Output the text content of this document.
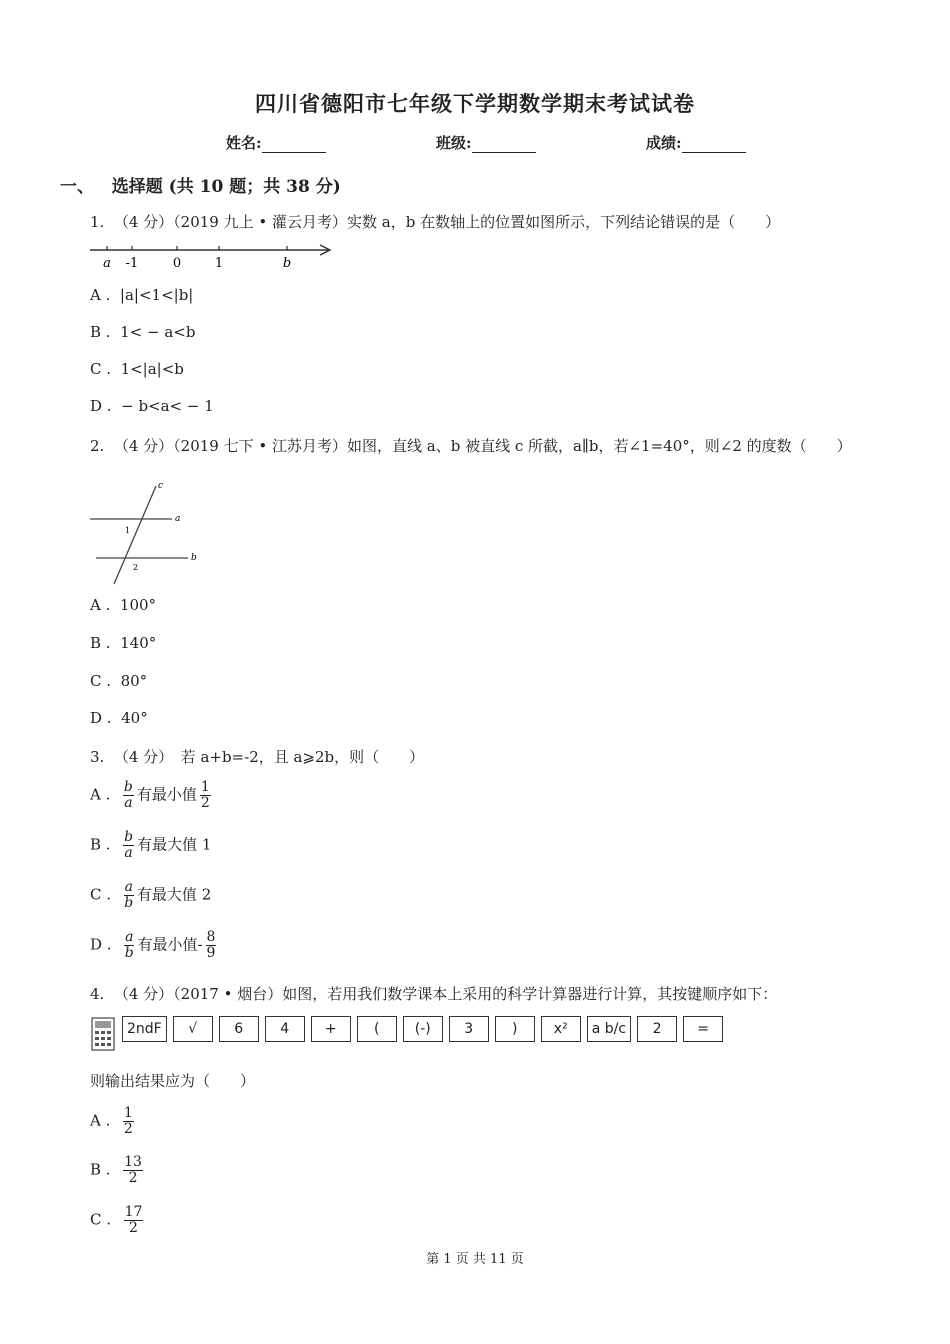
四川省德阳市七年级下学期数学期末考试试卷
姓名:	班级:	成绩:
一、 选择题 (共 10 题；共 38 分)
1. （4 分）（2019 九上 • 灌云月考）实数 a，b 在数轴上的位置如图所示，下列结论错误的是（　　）
a -1	0	1	b
A . |a|<1<|b|
B . 1< − a<b
C . 1<|a|<b
D . − b<a< − 1
2. （4 分）（2019 七下 • 江苏月考）如图，直线 a、b 被直线 c 所截，a∥b，若∠1=40°，则∠2 的度数（　　）
c
a
b
1
2
A . 100°
B . 140°
C . 80°
D . 40°
3. （4 分）　若 a+b=-2，且 a⩾2b，则（　　）
A . $\frac{b}{a}$ 有最小值 $\frac{1}{2}$
B . $\frac{b}{a}$ 有最大值 1
C . $\frac{a}{b}$ 有最大值 2
D . $\frac{a}{b}$ 有最小值- $\frac{8}{9}$
4. （4 分）（2017 • 烟台）如图，若用我们数学课本上采用的科学计算器进行计算，其按键顺序如下：
2ndF	√	6	4	+	(	(-)	3	)	x²	a b/c	2	=
则输出结果应为（　　）
A . $\frac{1}{2}$
B . $\frac{13}{2}$
C . $\frac{17}{2}$
第 1 页 共 11 页
